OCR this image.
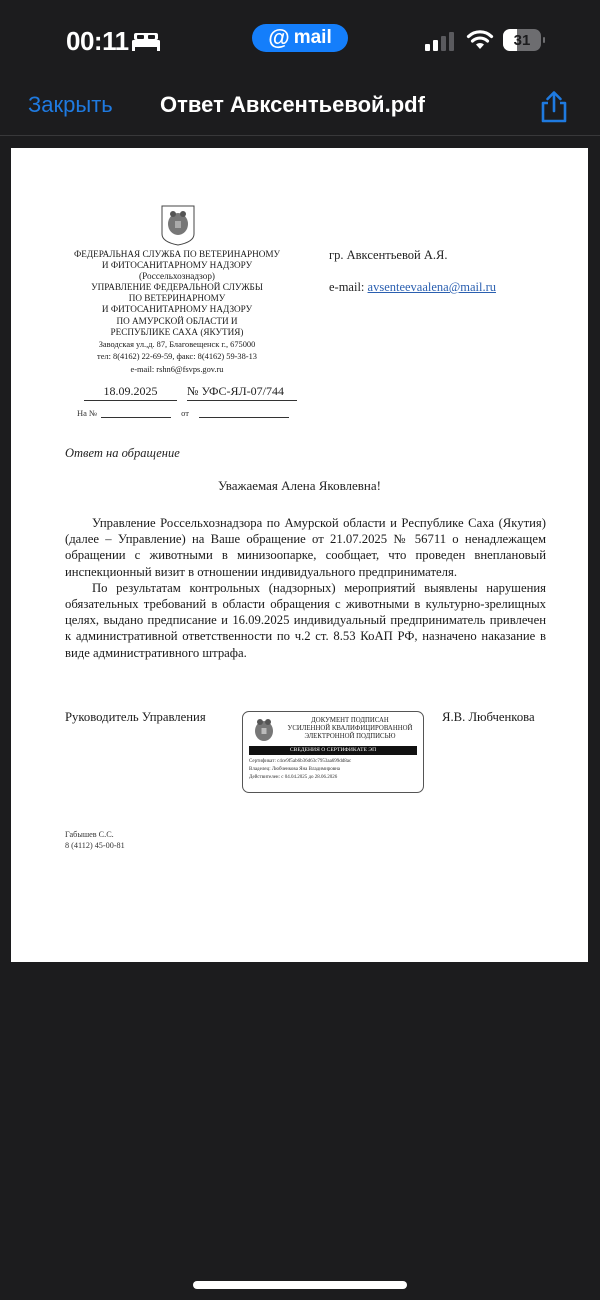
00:11	@ mail	31
Закрыть Ответ Авксентьевой.pdf
ФЕДЕРАЛЬНАЯ СЛУЖБА ПО ВЕТЕРИНАРНОМУ
И ФИТОСАНИТАРНОМУ НАДЗОРУ
(Россельхознадзор)
УПРАВЛЕНИЕ ФЕДЕРАЛЬНОЙ СЛУЖБЫ
ПО ВЕТЕРИНАРНОМУ
И ФИТОСАНИТАРНОМУ НАДЗОРУ
ПО АМУРСКОЙ ОБЛАСТИ И
РЕСПУБЛИКЕ САХА (ЯКУТИЯ)
Заводская ул.,д. 87, Благовещенск г., 675000
тел: 8(4162) 22-69-59, факс: 8(4162) 59-38-13
e-mail: rshn6@fsvps.gov.ru
18.09.2025	№ УФС-ЯЛ-07/744
На №	от
гр. Авксентьевой А.Я.
e-mail: avsenteevaalena@mail.ru
Ответ на обращение
Уважаемая Алена Яковлевна!

Управление Россельхознадзора по Амурской области и Республике Саха (Якутия) (далее – Управление) на Ваше обращение от 21.07.2025 № 56711 о ненадлежащем обращении с животными в минизоопарке, сообщает, что проведен внеплановый инспекционный визит в отношении индивидуального предпринимателя.

По результатам контрольных (надзорных) мероприятий выявлены нарушения обязательных требований в области обращения с животными в культурно-зрелищных целях, выдано предписание и 16.09.2025 индивидуальный предприниматель привлечен к административной ответственности по ч.2 ст. 8.53 КоАП РФ, назначено наказание в виде административного штрафа.

Руководитель Управления	ДОКУМЕНТ ПОДПИСАН
УСИЛЕННОЙ КВАЛИФИЦИРОВАННОЙ
ЭЛЕКТРОННОЙ ПОДПИСЬЮ
СВЕДЕНИЯ О СЕРТИФИКАТЕ ЭП
Сертификат: c4ce9f5ab6b36d63c7953aa699dd8ac
Владелец: Любченкова Яна Владимировна
Действителен: с 04.04.2025 до 28.06.2026
Я.В. Любченкова
Габышев С.С.
8 (4112) 45-00-81
